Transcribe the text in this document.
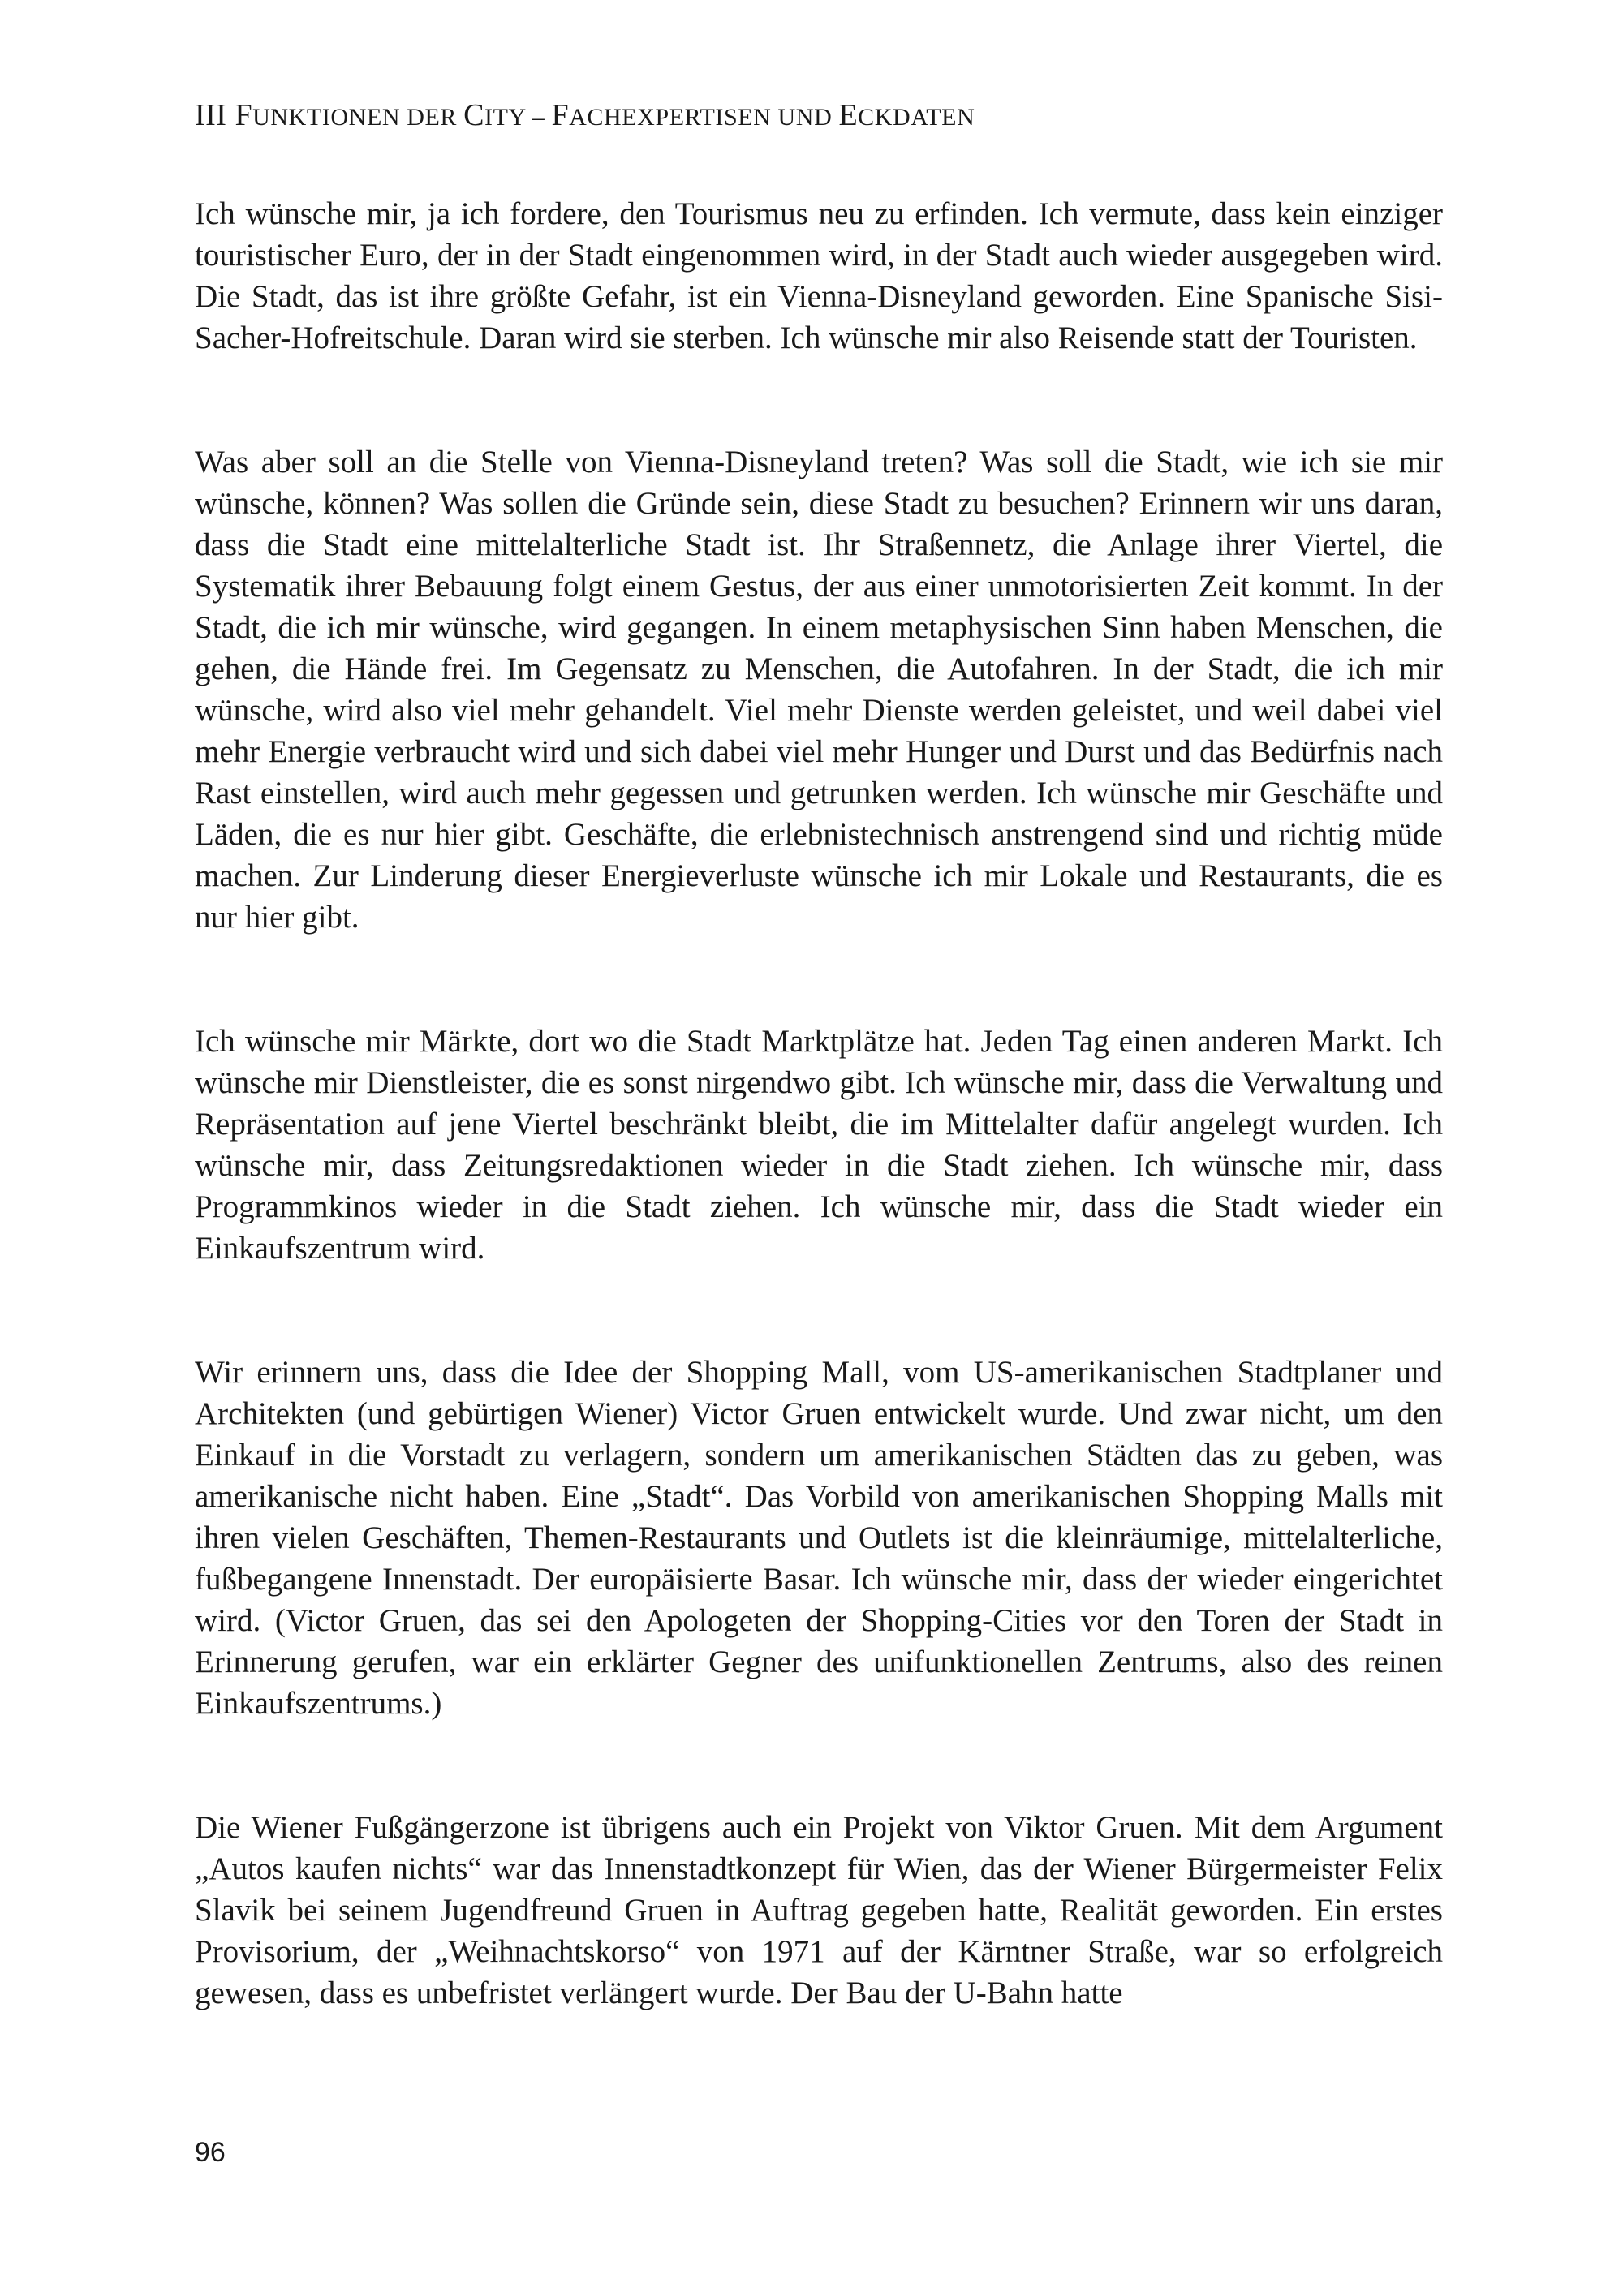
III FUNKTIONEN DER CITY – FACHEXPERTISEN UND ECKDATEN

Ich wünsche mir, ja ich fordere, den Tourismus neu zu erfinden. Ich vermute, dass kein einziger touristischer Euro, der in der Stadt eingenommen wird, in der Stadt auch wieder ausgegeben wird. Die Stadt, das ist ihre größte Gefahr, ist ein Vienna-Disneyland geworden. Eine Spanische Sisi-Sacher-Hofreitschule. Daran wird sie sterben. Ich wünsche mir also Reisende statt der Touristen.

Was aber soll an die Stelle von Vienna-Disneyland treten? Was soll die Stadt, wie ich sie mir wünsche, können? Was sollen die Gründe sein, diese Stadt zu besuchen? Erinnern wir uns daran, dass die Stadt eine mittelalterliche Stadt ist. Ihr Straßennetz, die Anlage ihrer Viertel, die Systematik ihrer Bebauung folgt einem Gestus, der aus einer unmotorisierten Zeit kommt. In der Stadt, die ich mir wünsche, wird gegangen. In einem metaphysischen Sinn haben Menschen, die gehen, die Hände frei. Im Gegensatz zu Menschen, die Autofahren. In der Stadt, die ich mir wünsche, wird also viel mehr gehandelt. Viel mehr Dienste werden geleistet, und weil dabei viel mehr Energie verbraucht wird und sich dabei viel mehr Hunger und Durst und das Bedürfnis nach Rast einstellen, wird auch mehr gegessen und getrunken werden. Ich wünsche mir Geschäfte und Läden, die es nur hier gibt. Geschäfte, die erlebnistechnisch anstrengend sind und richtig müde machen. Zur Linderung dieser Energieverluste wünsche ich mir Lokale und Restaurants, die es nur hier gibt.

Ich wünsche mir Märkte, dort wo die Stadt Marktplätze hat. Jeden Tag einen anderen Markt. Ich wünsche mir Dienstleister, die es sonst nirgendwo gibt. Ich wünsche mir, dass die Verwaltung und Repräsentation auf jene Viertel beschränkt bleibt, die im Mittelalter dafür angelegt wurden. Ich wünsche mir, dass Zeitungsredaktionen wieder in die Stadt ziehen. Ich wünsche mir, dass Programmkinos wieder in die Stadt ziehen. Ich wünsche mir, dass die Stadt wieder ein Einkaufszentrum wird.

Wir erinnern uns, dass die Idee der Shopping Mall, vom US-amerikanischen Stadtplaner und Architekten (und gebürtigen Wiener) Victor Gruen entwickelt wurde. Und zwar nicht, um den Einkauf in die Vorstadt zu verlagern, sondern um amerikanischen Städten das zu geben, was amerikanische nicht haben. Eine „Stadt“. Das Vorbild von amerikanischen Shopping Malls mit ihren vielen Geschäften, Themen-Restaurants und Outlets ist die kleinräumige, mittelalterliche, fußbegangene Innenstadt. Der europäisierte Basar. Ich wünsche mir, dass der wieder eingerichtet wird. (Victor Gruen, das sei den Apologeten der Shopping-Cities vor den Toren der Stadt in Erinnerung gerufen, war ein erklärter Gegner des unifunktionellen Zentrums, also des reinen Einkaufszentrums.)

Die Wiener Fußgängerzone ist übrigens auch ein Projekt von Viktor Gruen. Mit dem Argument „Autos kaufen nichts“ war das Innenstadtkonzept für Wien, das der Wiener Bürgermeister Felix Slavik bei seinem Jugendfreund Gruen in Auftrag gegeben hatte, Realität geworden. Ein erstes Provisorium, der „Weihnachtskorso“ von 1971 auf der Kärntner Straße, war so erfolgreich gewesen, dass es unbefristet verlängert wurde. Der Bau der U-Bahn hatte

96
